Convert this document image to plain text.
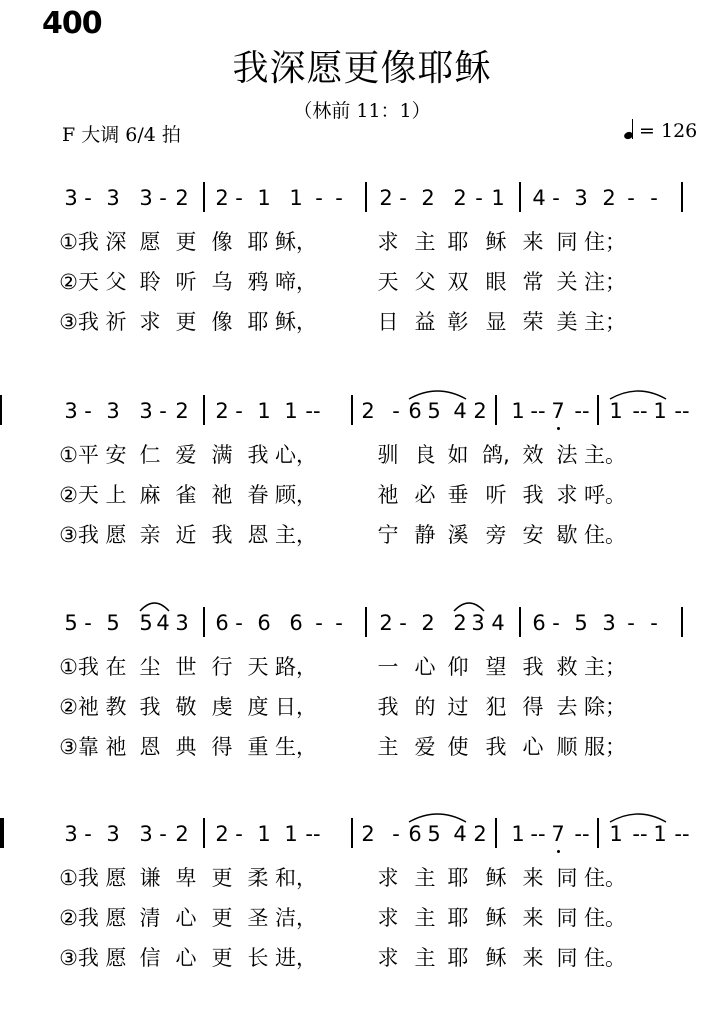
400
我深愿更像耶稣
（林前 11：1）
F 大调 6/4 拍	= 126
3 - 3 3 - 2 2 - 1 1 - - 2 - 2 2 - 1 4 - 3 2 - -
①我 深 愿 更 像 耶 稣，	求 主 耶 稣 来 同 住；
②天 父 聆 听 乌 鸦 啼，	天 父 双 眼 常 关 注；
③我 祈 求 更 像 耶 稣，	日 益 彰 显 荣 美 主；
3 - 3 3 - 2 2 - 1 1 -- 2 - 6 5 4 2 1 -- 7 -- 1 -- 1 --
①平 安 仁 爱 满 我 心，	驯 良 如 鸽, 效 法 主。
②天 上 麻 雀 祂 眷 顾，	祂 必 垂 听 我 求 呼。
③我 愿 亲 近 我 恩 主，	宁 静 溪 旁 安 歇 住。
5 - 5 5 4 3 6 - 6 6 - - 2 - 2 2 3 4 6 - 5 3 - -
①我 在 尘 世 行 天 路，	一 心 仰 望 我 救 主；
②祂 教 我 敬 虔 度 日，	我 的 过 犯 得 去 除；
③靠 祂 恩 典 得 重 生，	主 爱 使 我 心 顺 服；
3 - 3 3 - 2 2 - 1 1 -- 2 - 6 5 4 2 1 -- 7 -- 1 -- 1 --
①我 愿 谦 卑 更 柔 和，	求 主 耶 稣 来 同 住。
②我 愿 清 心 更 圣 洁，	求 主 耶 稣 来 同 住。
③我 愿 信 心 更 长 进，	求 主 耶 稣 来 同 住。
